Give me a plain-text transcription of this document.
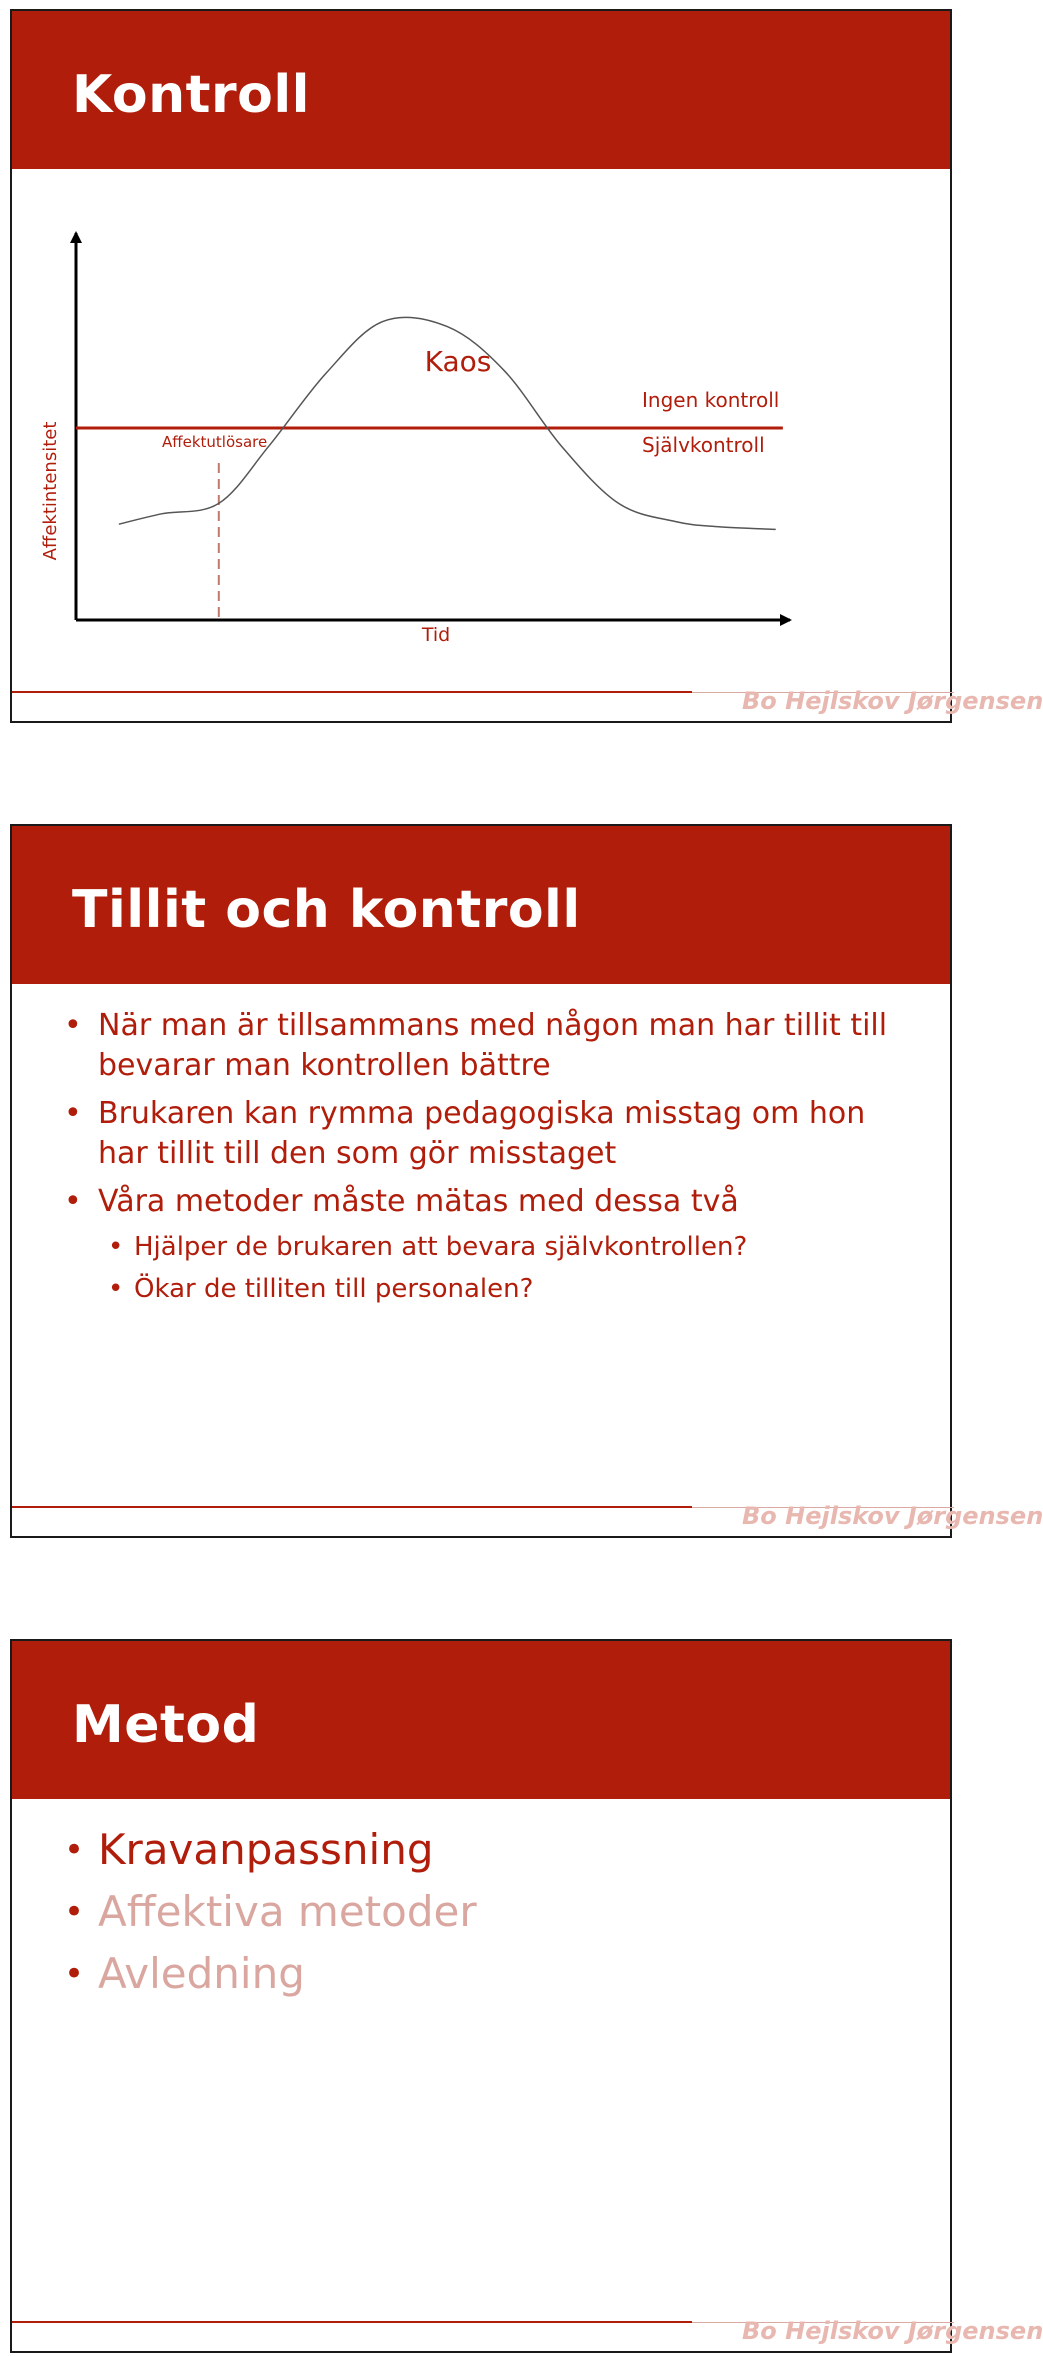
Kontroll
Affektintensitet
Tid
Kaos
Ingen kontroll
Självkontroll
Affektutlösare
Bo Hejlskov Jørgensen
Tillit och kontroll
• När man är tillsammans med någon man har tillit till bevarar man kontrollen bättre
• Brukaren kan rymma pedagogiska misstag om hon har tillit till den som gör misstaget
• Våra metoder måste mätas med dessa två
• Hjälper de brukaren att bevara självkontrollen?
• Ökar de tilliten till personalen?
Bo Hejlskov Jørgensen
Metod
• Kravanpassning
• Affektiva metoder
• Avledning
Bo Hejlskov Jørgensen
